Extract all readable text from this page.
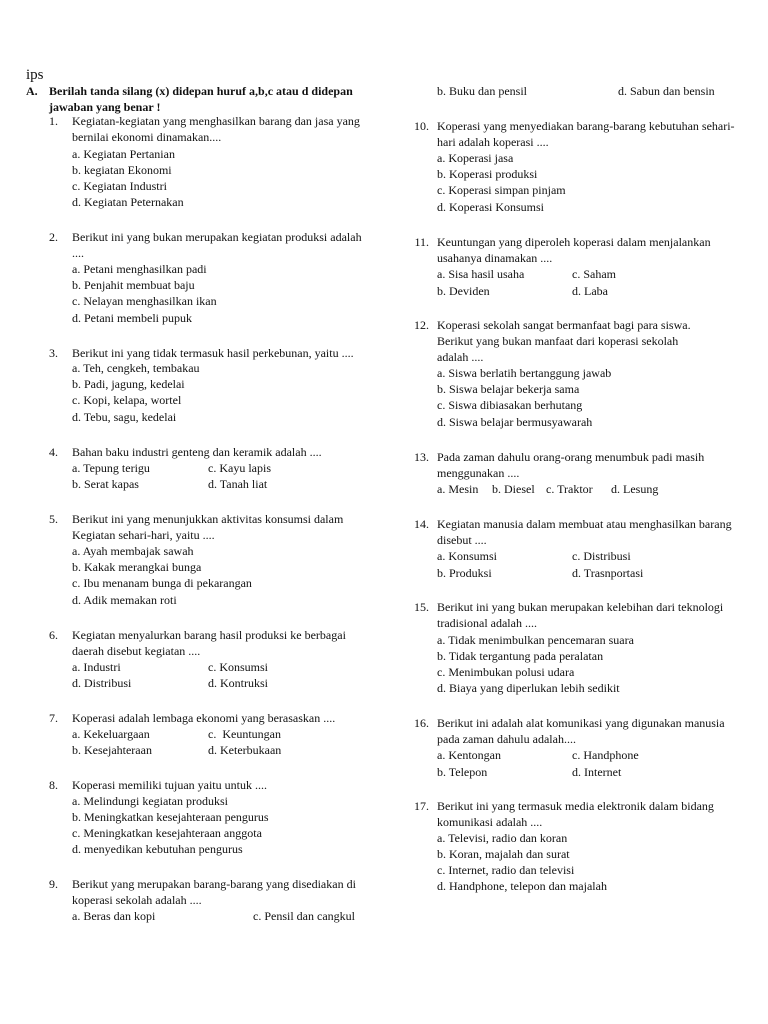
ips
A. Berilah tanda silang (x) didepan huruf a,b,c atau d didepan jawaban yang benar !
1. Kegiatan-kegiatan yang menghasilkan barang dan jasa yang bernilai ekonomi dinamakan....
a. Kegiatan Pertanian
b. kegiatan Ekonomi
c. Kegiatan Industri
d. Kegiatan Peternakan
2. Berikut ini yang bukan merupakan kegiatan produksi adalah ....
a. Petani menghasilkan padi
b. Penjahit membuat baju
c. Nelayan menghasilkan ikan
d. Petani membeli pupuk
3. Berikut ini yang tidak termasuk hasil perkebunan, yaitu ....
a. Teh, cengkeh, tembakau
b. Padi, jagung, kedelai
c. Kopi, kelapa, wortel
d. Tebu, sagu, kedelai
4. Bahan baku industri genteng dan keramik adalah ....
a. Tepung terigu	c. Kayu lapis
b. Serat kapas	d. Tanah liat
5. Berikut ini yang menunjukkan aktivitas konsumsi dalam Kegiatan sehari-hari, yaitu ....
a. Ayah membajak sawah
b. Kakak merangkai bunga
c. Ibu menanam bunga di pekarangan
d. Adik memakan roti
6. Kegiatan menyalurkan barang hasil produksi ke berbagai daerah disebut kegiatan ....
a. Industri	c. Konsumsi
d. Distribusi	d. Kontruksi
7. Koperasi adalah lembaga ekonomi yang berasaskan ....
a. Kekeluargaan	c.  Keuntungan
b. Kesejahteraan	d. Keterbukaan
8. Koperasi memiliki tujuan yaitu untuk ....
a. Melindungi kegiatan produksi
b. Meningkatkan kesejahteraan pengurus
c. Meningkatkan kesejahteraan anggota
d. menyedikan kebutuhan pengurus
9. Berikut yang merupakan barang-barang yang disediakan di koperasi sekolah adalah ....
a. Beras dan kopi	c. Pensil dan cangkul
b. Buku dan pensil	d. Sabun dan bensin
10. Koperasi yang menyediakan barang-barang kebutuhan sehari-hari adalah koperasi ....
a. Koperasi jasa
b. Koperasi produksi
c. Koperasi simpan pinjam
d. Koperasi Konsumsi
11. Keuntungan yang diperoleh koperasi dalam menjalankan usahanya dinamakan ....
a. Sisa hasil usaha	c. Saham
b. Deviden	d. Laba
12. Koperasi sekolah sangat bermanfaat bagi para siswa. Berikut yang bukan manfaat dari koperasi sekolah adalah ....
a. Siswa berlatih bertanggung jawab
b. Siswa belajar bekerja sama
c. Siswa dibiasakan berhutang
d. Siswa belajar bermusyawarah
13. Pada zaman dahulu orang-orang menumbuk padi masih menggunakan ....
a. Mesin b. Diesel c. Traktor d. Lesung
14. Kegiatan manusia dalam membuat atau menghasilkan barang disebut ....
a. Konsumsi	c. Distribusi
b. Produksi	d. Trasnportasi
15. Berikut ini yang bukan merupakan kelebihan dari teknologi tradisional adalah ....
a. Tidak menimbulkan pencemaran suara
b. Tidak tergantung pada peralatan
c. Menimbukan polusi udara
d. Biaya yang diperlukan lebih sedikit
16. Berikut ini adalah alat komunikasi yang digunakan manusia pada zaman dahulu adalah....
a. Kentongan	c. Handphone
b. Telepon	d. Internet
17. Berikut ini yang termasuk media elektronik dalam bidang komunikasi adalah ....
a. Televisi, radio dan koran
b. Koran, majalah dan surat
c. Internet, radio dan televisi
d. Handphone, telepon dan majalah
